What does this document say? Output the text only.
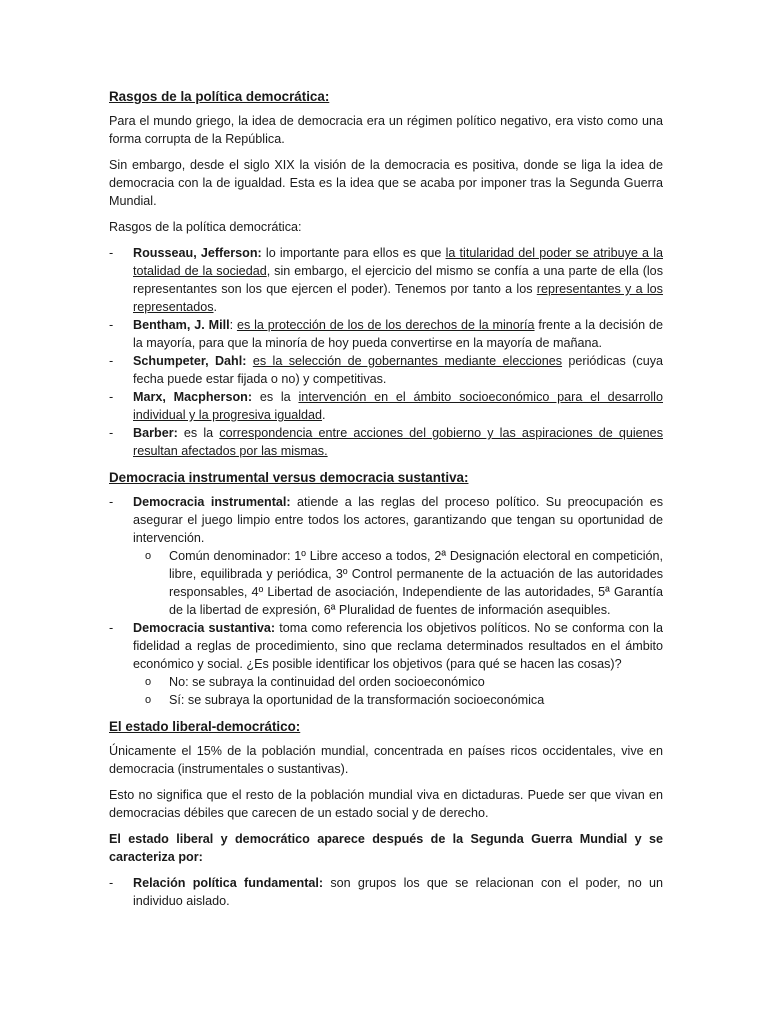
Rasgos de la política democrática:

Para el mundo griego, la idea de democracia era un régimen político negativo, era visto como una forma corrupta de la República.

Sin embargo, desde el siglo XIX la visión de la democracia es positiva, donde se liga la idea de democracia con la de igualdad. Esta es la idea que se acaba por imponer tras la Segunda Guerra Mundial.

Rasgos de la política democrática:

- Rousseau, Jefferson: lo importante para ellos es que la titularidad del poder se atribuye a la totalidad de la sociedad, sin embargo, el ejercicio del mismo se confía a una parte de ella (los representantes son los que ejercen el poder). Tenemos por tanto a los representantes y a los representados.
- Bentham, J. Mill: es la protección de los de los derechos de la minoría frente a la decisión de la mayoría, para que la minoría de hoy pueda convertirse en la mayoría de mañana.
- Schumpeter, Dahl: es la selección de gobernantes mediante elecciones periódicas (cuya fecha puede estar fijada o no) y competitivas.
- Marx, Macpherson: es la intervención en el ámbito socioeconómico para el desarrollo individual y la progresiva igualdad.
- Barber: es la correspondencia entre acciones del gobierno y las aspiraciones de quienes resultan afectados por las mismas.
Democracia instrumental versus democracia sustantiva:
- Democracia instrumental: atiende a las reglas del proceso político. Su preocupación es asegurar el juego limpio entre todos los actores, garantizando que tengan su oportunidad de intervención.
o Común denominador: 1º Libre acceso a todos, 2ª Designación electoral en competición, libre, equilibrada y periódica, 3º Control permanente de la actuación de las autoridades responsables, 4º Libertad de asociación, Independiente de las autoridades, 5ª Garantía de la libertad de expresión, 6ª Pluralidad de fuentes de información asequibles.
- Democracia sustantiva: toma como referencia los objetivos políticos. No se conforma con la fidelidad a reglas de procedimiento, sino que reclama determinados resultados en el ámbito económico y social. ¿Es posible identificar los objetivos (para qué se hacen las cosas)?
o No: se subraya la continuidad del orden socioeconómico
o Sí: se subraya la oportunidad de la transformación socioeconómica
El estado liberal-democrático:

Únicamente el 15% de la población mundial, concentrada en países ricos occidentales, vive en democracia (instrumentales o sustantivas).

Esto no significa que el resto de la población mundial viva en dictaduras. Puede ser que vivan en democracias débiles que carecen de un estado social y de derecho.

El estado liberal y democrático aparece después de la Segunda Guerra Mundial y se caracteriza por:

- Relación política fundamental: son grupos los que se relacionan con el poder, no un individuo aislado.
